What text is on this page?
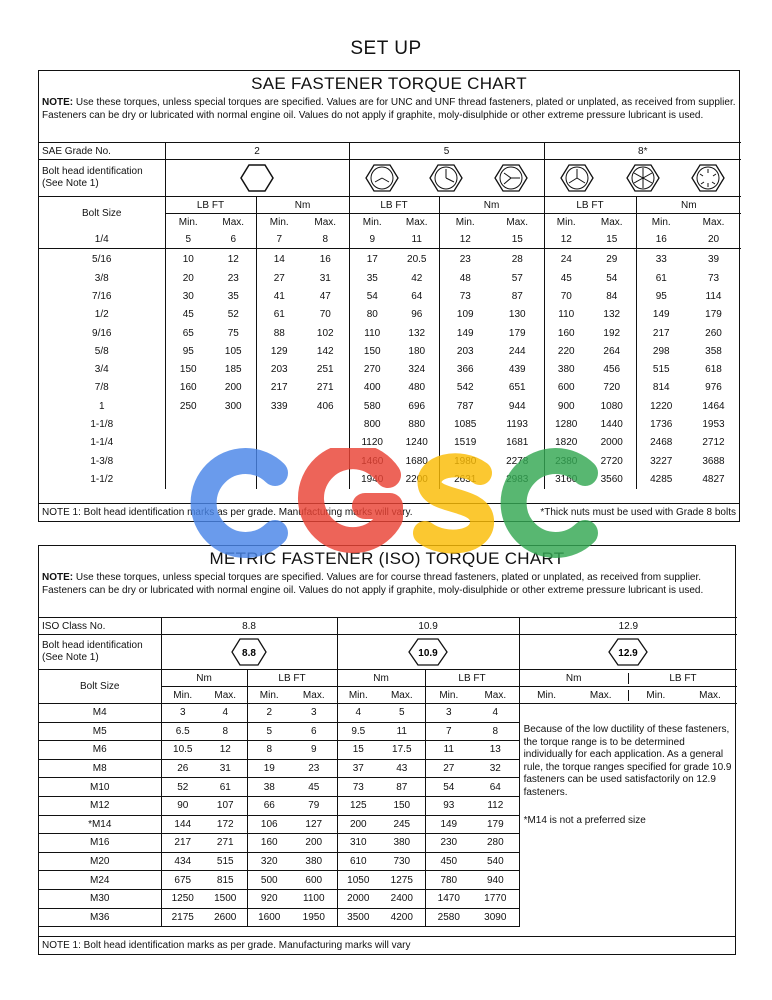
SET UP
SAE FASTENER TORQUE CHART
NOTE: Use these torques, unless special torques are specified. Values are for UNC and UNF thread fasteners, plated or unplated, as received from supplier. Fasteners can be dry or lubricated with normal engine oil. Values do not apply if graphite, moly-disulphide or other extreme pressure lubricant is used.
SAE Grade No.	2				5				8*			
Bolt head identification (See Note 1)	

Bolt Size	LB FT		Nm		LB FT		Nm		LB FT		Nm	
	Min.	Max.	Min.	Max.	Min.	Max.	Min.	Max.	Min.	Max.	Min.	Max.
1/4	5	6	7	8	9	11	12	15	12	15	16	20
5/16	10	12	14	16	17	20.5	23	28	24	29	33	39
3/8	20	23	27	31	35	42	48	57	45	54	61	73
7/16	30	35	41	47	54	64	73	87	70	84	95	114
1/2	45	52	61	70	80	96	109	130	110	132	149	179
9/16	65	75	88	102	110	132	149	179	160	192	217	260
5/8	95	105	129	142	150	180	203	244	220	264	298	358
3/4	150	185	203	251	270	324	366	439	380	456	515	618
7/8	160	200	217	271	400	480	542	651	600	720	814	976
1	250	300	339	406	580	696	787	944	900	1080	1220	1464
1-1/8					800	880	1085	1193	1280	1440	1736	1953
1-1/4					1120	1240	1519	1681	1820	2000	2468	2712
1-3/8					1460	1680	1980	2278	2380	2720	3227	3688
1-1/2					1940	2200	2631	2983	3160	3560	4285	4827
NOTE 1: Bolt head identification marks as per grade. Manufacturing marks will vary.	*Thick nuts must be used with Grade 8 bolts
METRIC FASTENER (ISO) TORQUE CHART
NOTE: Use these torques, unless special torques are specified. Values are for course thread fasteners, plated or unplated, as received from supplier. Fasteners can be dry or lubricated with normal engine oil. Values do not apply if graphite, moly-disulphide or other extreme pressure lubricant is used.
ISO Class No.	8.8				10.9				12.9
Bolt head identification (See Note 1)	8.8				10.9				12.9

Bolt Size	Nm		LB FT		Nm		LB FT		Nm LB FT

	Min.	Max.	Min.	Max.	Min.	Max.	Min.	Max.	Min. Max. Min. Max.

M4	3	4	2	3	4	5	3	4	Because of the low ductility of these fasteners, the torque range is to be determined individually for each application. As a general rule, the torque ranges specified for grade 10.9 fasteners can be used satisfactorily on 12.9 fasteners.
M5	6.5	8	5	6	9.5	11	7	8	
M6	10.5	12	8	9	15	17.5	11	13	
M8	26	31	19	23	37	43	27	32	
M10	52	61	38	45	73	87	54	64	
M12	90	107	66	79	125	150	93	112	
*M14	144	172	106	127	200	245	149	179	*M14 is not a preferred size
M16	217	271	160	200	310	380	230	280	
M20	434	515	320	380	610	730	450	540	
M24	675	815	500	600	1050	1275	780	940	
M30	1250	1500	920	1100	2000	2400	1470	1770	
M36	2175	2600	1600	1950	3500	4200	2580	3090	
NOTE 1: Bolt head identification marks as per grade. Manufacturing marks will vary
